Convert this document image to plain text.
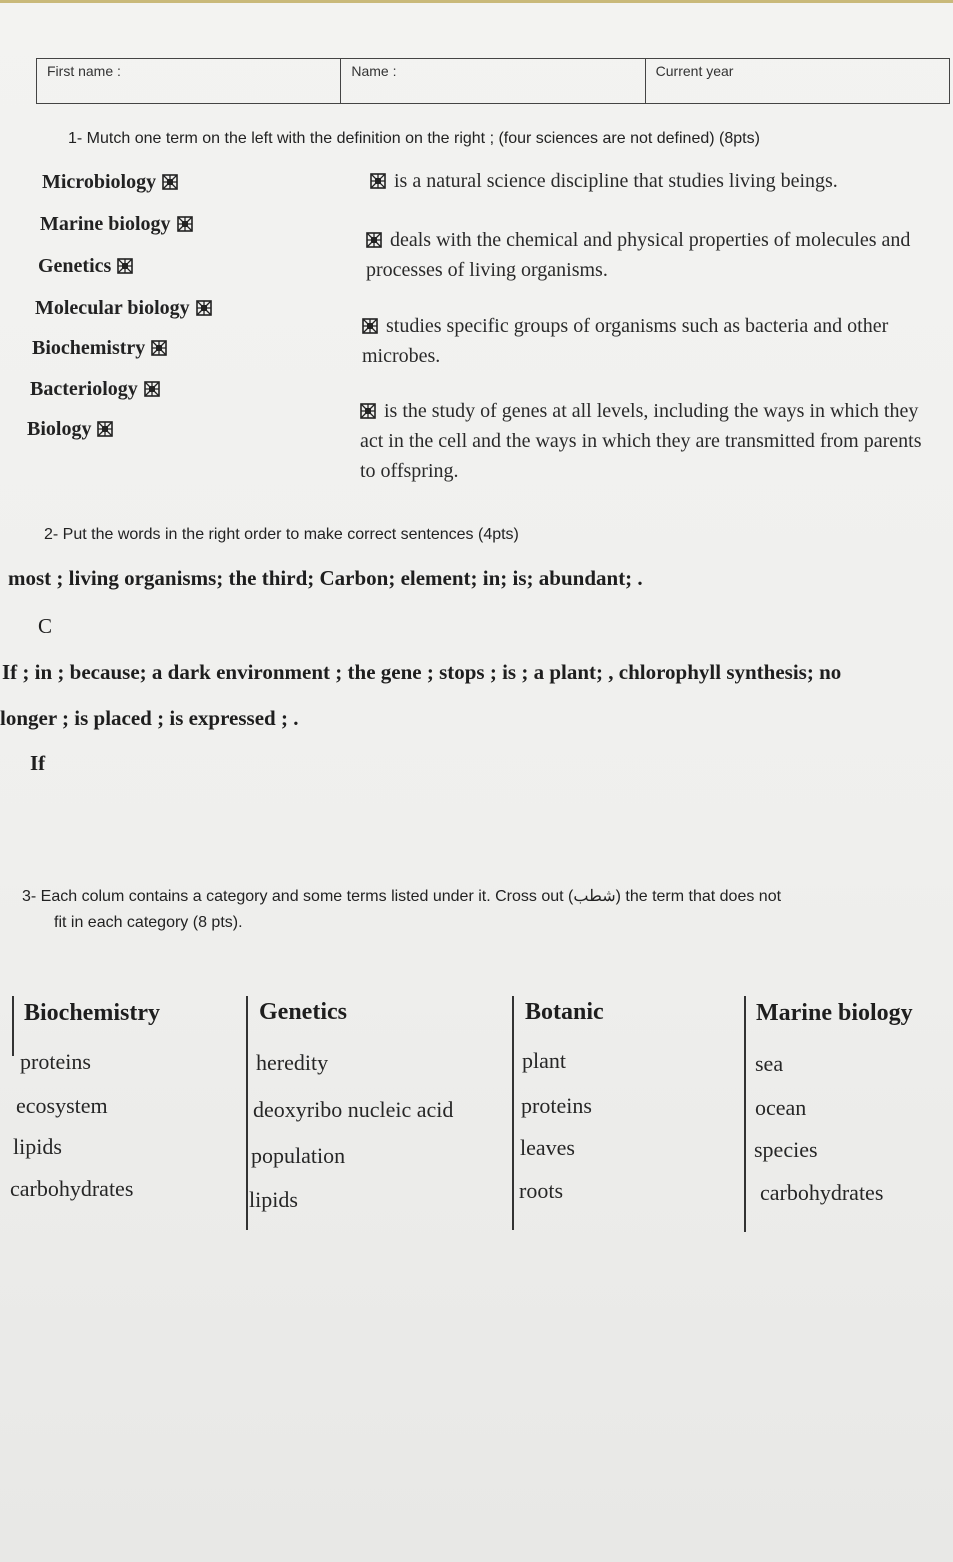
First name :	Name :	Current year
1- Mutch one term on the left with the definition on the right ; (four sciences are not defined) (8pts)
Microbiology
Marine biology
Genetics
Molecular biology
Biochemistry
Bacteriology
Biology
is a natural science discipline that studies living beings.
deals with the chemical and physical properties of molecules and processes of living organisms.
studies specific groups of organisms such as bacteria and other microbes.
is the study of genes at all levels, including the ways in which they act in the cell and the ways in which they are transmitted from parents to offspring.
2- Put the words in the right order to make correct sentences (4pts)
most ; living organisms; the third; Carbon; element; in; is; abundant; .
C
If ; in ; because; a dark environment ; the gene ; stops ; is ; a plant; , chlorophyll synthesis; no
longer ; is placed ; is expressed ; .
If
3- Each colum contains a category and some terms listed under it. Cross out (شطب) the term that does not
fit in each category (8 pts).
Biochemistry
proteins
ecosystem
lipids
carbohydrates
Genetics
heredity
deoxyribo nucleic acid
population
lipids
Botanic
plant
proteins
leaves
roots
Marine biology
sea
ocean
species
carbohydrates
